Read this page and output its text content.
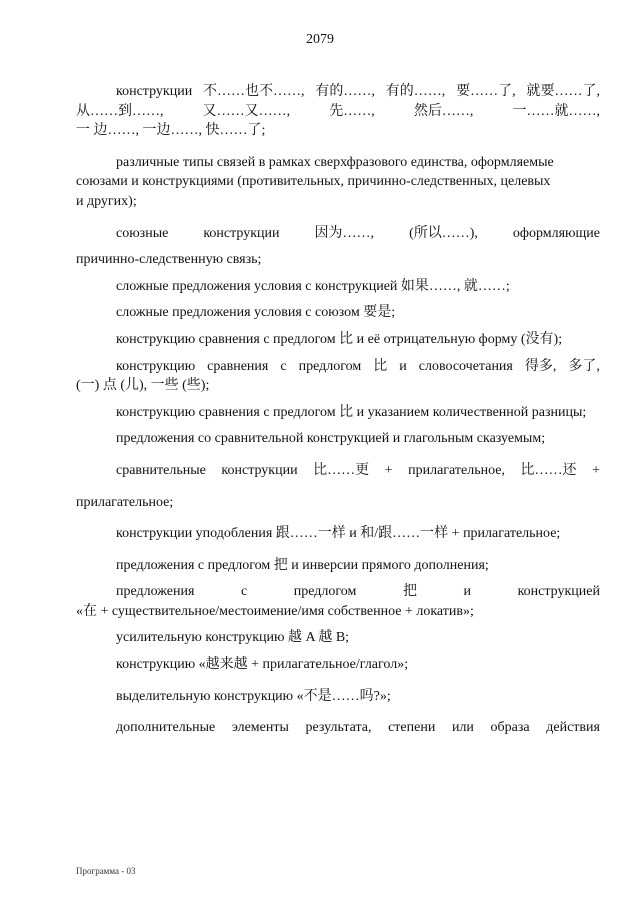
2079
конструкции 不……也不……, 有的……, 有的……, 要……了, 就要……了,
从……到……,	又……又……,	先……,	然后……,	一……就……,
一 边……, 一边……, 快……了;
различные типы связей в рамках сверхфразового единства, оформляемые
союзами и конструкциями (противительных, причинно-следственных, целевых
и других);
союзные	конструкции	因为……,	(所以……),	оформляющие
причинно-следственную связь;
сложные предложения условия с конструкцией 如果……, 就……;
сложные предложения условия с союзом 要是;
конструкцию сравнения с предлогом 比 и её отрицательную форму (没有);
конструкцию сравнения с предлогом 比 и словосочетания 得多, 多了,
(一) 点 (儿), 一些 (些);
конструкцию сравнения с предлогом 比 и указанием количественной разницы;
предложения со сравнительной конструкцией и глагольным сказуемым;
сравнительные конструкции 比……更 + прилагательное, 比……还 +
прилагательное;
конструкции уподобления 跟……一样 и 和/跟……一样 + прилагательное;
предложения с предлогом 把 и инверсии прямого дополнения;
предложения	с	предлогом	把	и	конструкцией
«在 + существительное/местоимение/имя собственное + локатив»;
усилительную конструкцию 越 A 越 B;
конструкцию «越来越 + прилагательное/глагол»;
выделительную конструкцию «不是……吗?»;
дополнительные элементы результата, степени или образа действия
Программа - 03
